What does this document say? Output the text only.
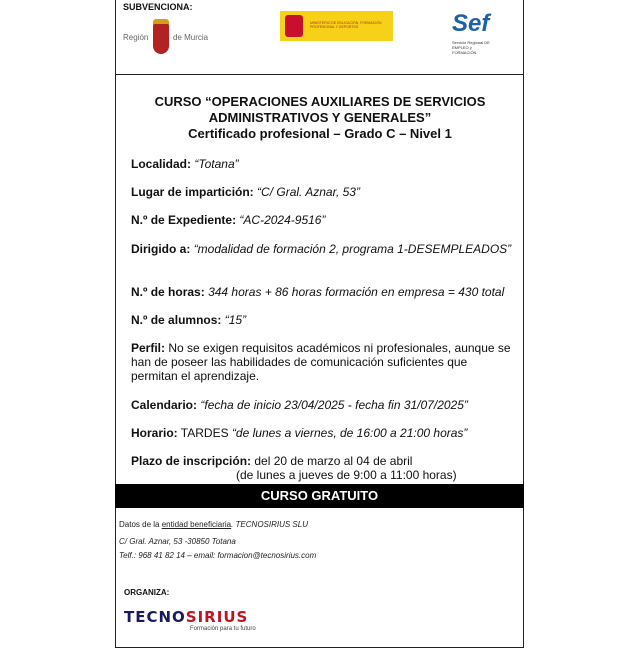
SUBVENCIONA:
Región	de Murcia
MINISTERIO DE EDUCACIÓN, FORMACIÓN PROFESIONAL Y DEPORTES	Sef
Servicio Regional DE EMPLEO y FORMACIÓN
CURSO “OPERACIONES AUXILIARES DE SERVICIOS
ADMINISTRATIVOS Y GENERALES”
Certificado profesional – Grado C – Nivel 1
Localidad: “Totana”
Lugar de impartición: “C/ Gral. Aznar, 53”
N.º de Expediente: “AC-2024-9516”
Dirigido a: “modalidad de formación 2, programa 1-DESEMPLEADOS”
N.º de horas: 344 horas + 86 horas formación en empresa = 430 total
N.º de alumnos: “15”
Perfil: No se exigen requisitos académicos ni profesionales, aunque se han de poseer las habilidades de comunicación suficientes que permitan el aprendizaje.
Calendario: “fecha de inicio 23/04/2025 - fecha fin 31/07/2025”
Horario: TARDES “de lunes a viernes, de 16:00 a 21:00 horas”
Plazo de inscripción: del 20 de marzo al 04 de abril
(de lunes a jueves de 9:00 a 11:00 horas)
CURSO GRATUITO
Datos de la entidad beneficiaria. TECNOSIRIUS SLU
C/ Gral. Aznar, 53 -30850 Totana
Telf.: 968 41 82 14 – email: formacion@tecnosirius.com
ORGANIZA:
TECNOSIRIUS
Formación para tu futuro
